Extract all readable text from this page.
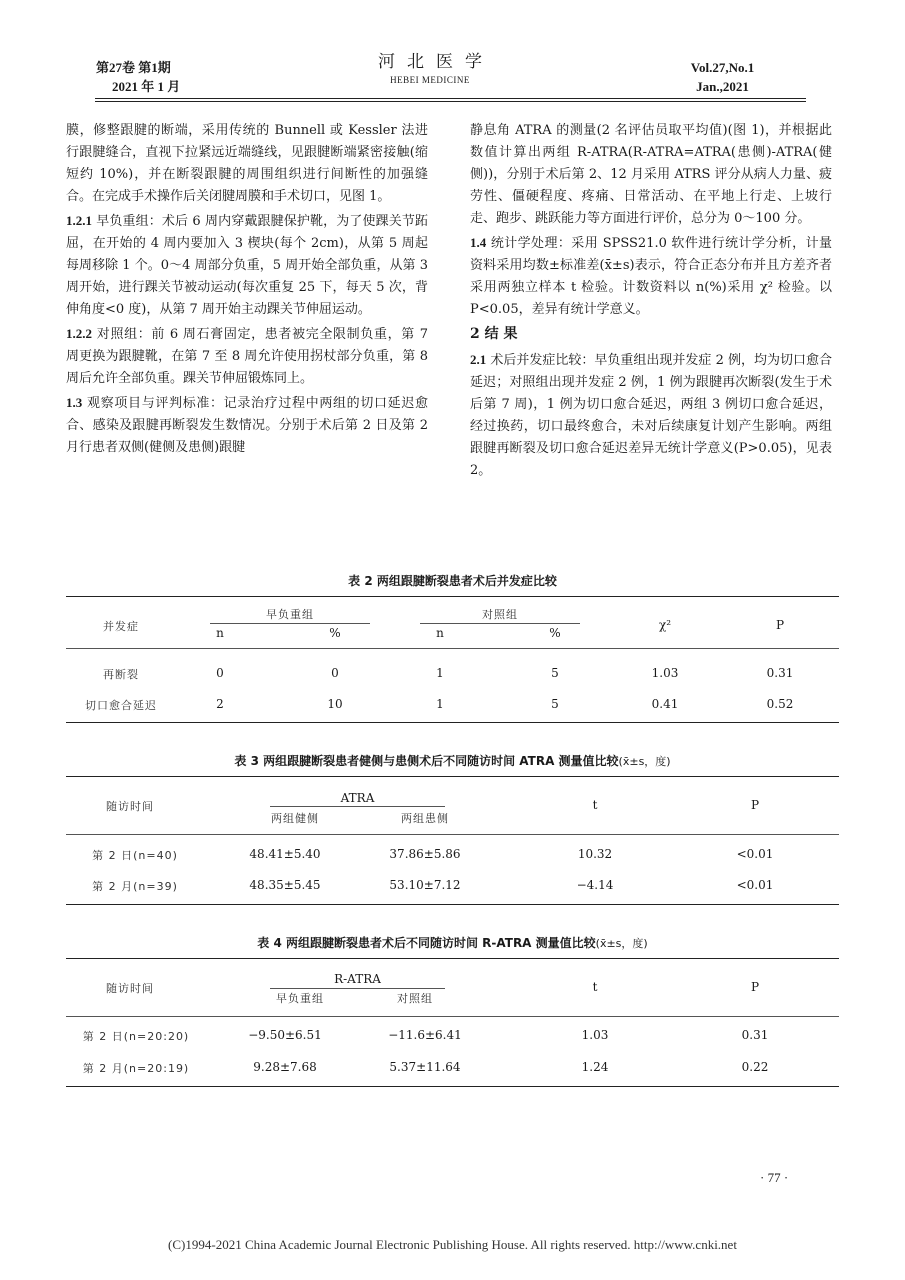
第27卷 第1期
2021 年 1 月
河北医学
HEBEI MEDICINE
Vol.27,No.1
Jan.,2021

膜，修整跟腱的断端，采用传统的 Bunnell 或 Kessler 法进行跟腱缝合，直视下拉紧远近端缝线，见跟腱断端紧密接触(缩短约 10%)，并在断裂跟腱的周围组织进行间断性的加强缝合。在完成手术操作后关闭腱周膜和手术切口，见图 1。

1.2.1 早负重组：术后 6 周内穿戴跟腱保护靴，为了使踝关节跖屈，在开始的 4 周内要加入 3 楔块(每个 2cm)，从第 5 周起每周移除 1 个。0～4 周部分负重，5 周开始全部负重，从第 3 周开始，进行踝关节被动运动(每次重复 25 下，每天 5 次，背伸角度<0 度)，从第 7 周开始主动踝关节伸屈运动。

1.2.2 对照组：前 6 周石膏固定，患者被完全限制负重，第 7 周更换为跟腱靴，在第 7 至 8 周允许使用拐杖部分负重，第 8 周后允许全部负重。踝关节伸屈锻炼同上。

1.3 观察项目与评判标准：记录治疗过程中两组的切口延迟愈合、感染及跟腱再断裂发生数情况。分别于术后第 2 日及第 2 月行患者双侧(健侧及患侧)跟腱

静息角 ATRA 的测量(2 名评估员取平均值)(图 1)，并根据此数值计算出两组 R-ATRA(R-ATRA=ATRA(患侧)-ATRA(健侧))，分别于术后第 2、12 月采用 ATRS 评分从病人力量、疲劳性、僵硬程度、疼痛、日常活动、在平地上行走、上坡行走、跑步、跳跃能力等方面进行评价，总分为 0～100 分。

1.4 统计学处理：采用 SPSS21.0 软件进行统计学分析，计量资料采用均数±标准差(x̄±s)表示，符合正态分布并且方差齐者采用两独立样本 t 检验。计数资料以 n(%)采用 χ² 检验。以 P<0.05，差异有统计学意义。

2 结 果

2.1 术后并发症比较：早负重组出现并发症 2 例，均为切口愈合延迟；对照组出现并发症 2 例，1 例为跟腱再次断裂(发生于术后第 7 周)，1 例为切口愈合延迟，两组 3 例切口愈合延迟，经过换药，切口最终愈合，未对后续康复计划产生影响。两组跟腱再断裂及切口愈合延迟差异无统计学意义(P>0.05)，见表 2。

表 2 两组跟腱断裂患者术后并发症比较
并发症
早负重组	对照组
n	%	n	%
χ²	P
再断裂	0	0	1	5	1.03	0.31
切口愈合延迟	2	10	1	5	0.41	0.52
表 3 两组跟腱断裂患者健侧与患侧术后不同随访时间 ATRA 测量值比较(x̄±s，度)
随访时间
ATRA
两组健侧	两组患侧
t	P
第 2 日(n=40)	48.41±5.40	37.86±5.86	10.32	<0.01
第 2 月(n=39)	48.35±5.45	53.10±7.12	−4.14	<0.01
表 4 两组跟腱断裂患者术后不同随访时间 R-ATRA 测量值比较(x̄±s，度)
随访时间
R-ATRA
早负重组	对照组
t	P
第 2 日(n=20:20)	−9.50±6.51	−11.6±6.41	1.03	0.31
第 2 月(n=20:19)	9.28±7.68	5.37±11.64	1.24	0.22
· 77 ·
(C)1994-2021 China Academic Journal Electronic Publishing House. All rights reserved. http://www.cnki.net
